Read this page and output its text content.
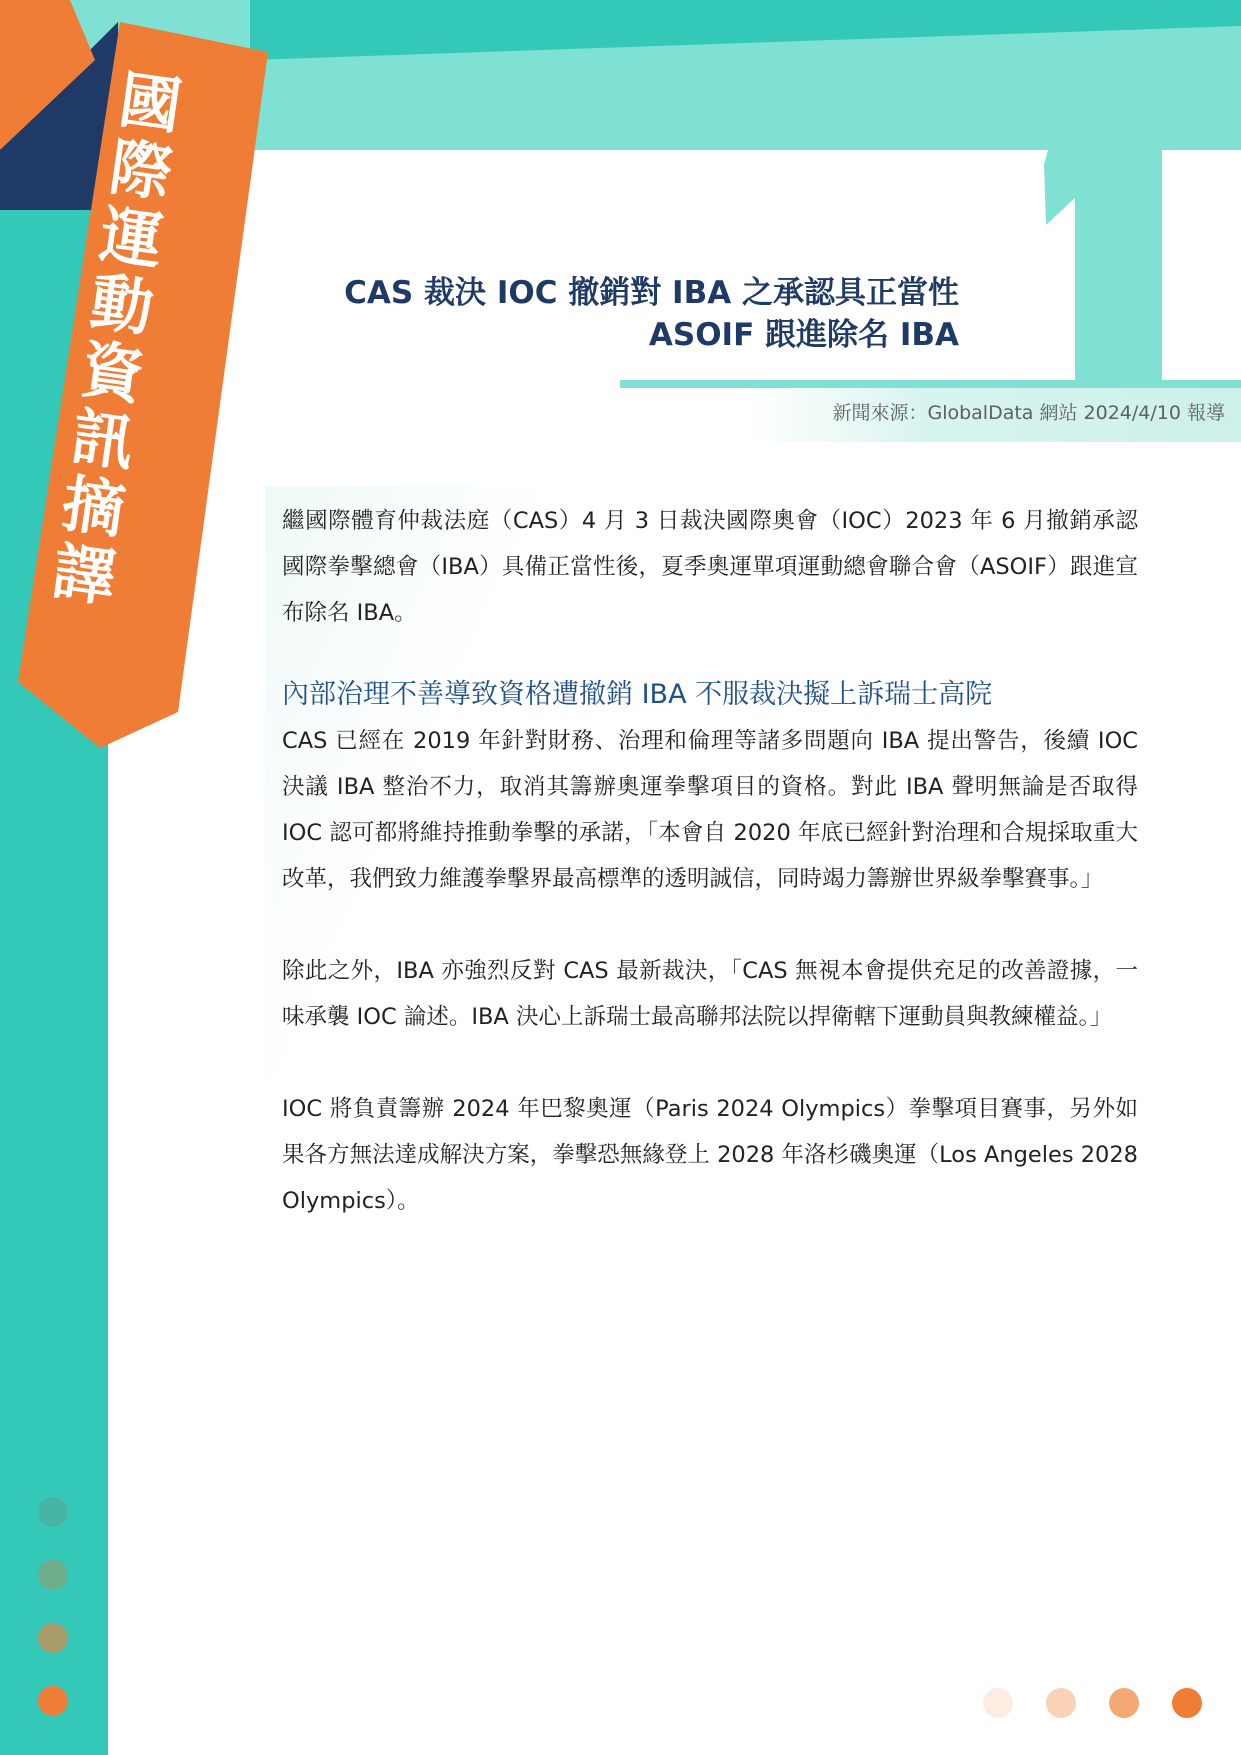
國
際
運
動
資
訊
摘
譯
CAS 裁決 IOC 撤銷對 IBA 之承認具正當性
ASOIF 跟進除名 IBA
新聞來源：GlobalData 網站 2024/4/10 報導

繼國際體育仲裁法庭（CAS）4 月 3 日裁決國際奧會（IOC）2023 年 6 月撤銷承認國際拳擊總會（IBA）具備正當性後，夏季奧運單項運動總會聯合會（ASOIF）跟進宣布除名 IBA。

內部治理不善導致資格遭撤銷 IBA 不服裁決擬上訴瑞士高院

CAS 已經在 2019 年針對財務、治理和倫理等諸多問題向 IBA 提出警告，後續 IOC 決議 IBA 整治不力，取消其籌辦奧運拳擊項目的資格。對此 IBA 聲明無論是否取得 IOC 認可都將維持推動拳擊的承諾，「本會自 2020 年底已經針對治理和合規採取重大改革，我們致力維護拳擊界最高標準的透明誠信，同時竭力籌辦世界級拳擊賽事。」

除此之外，IBA 亦強烈反對 CAS 最新裁決，「CAS 無視本會提供充足的改善證據，一味承襲 IOC 論述。IBA 決心上訴瑞士最高聯邦法院以捍衛轄下運動員與教練權益。」

IOC 將負責籌辦 2024 年巴黎奧運（Paris 2024 Olympics）拳擊項目賽事，另外如果各方無法達成解決方案，拳擊恐無緣登上 2028 年洛杉磯奧運（Los Angeles 2028 Olympics）。
